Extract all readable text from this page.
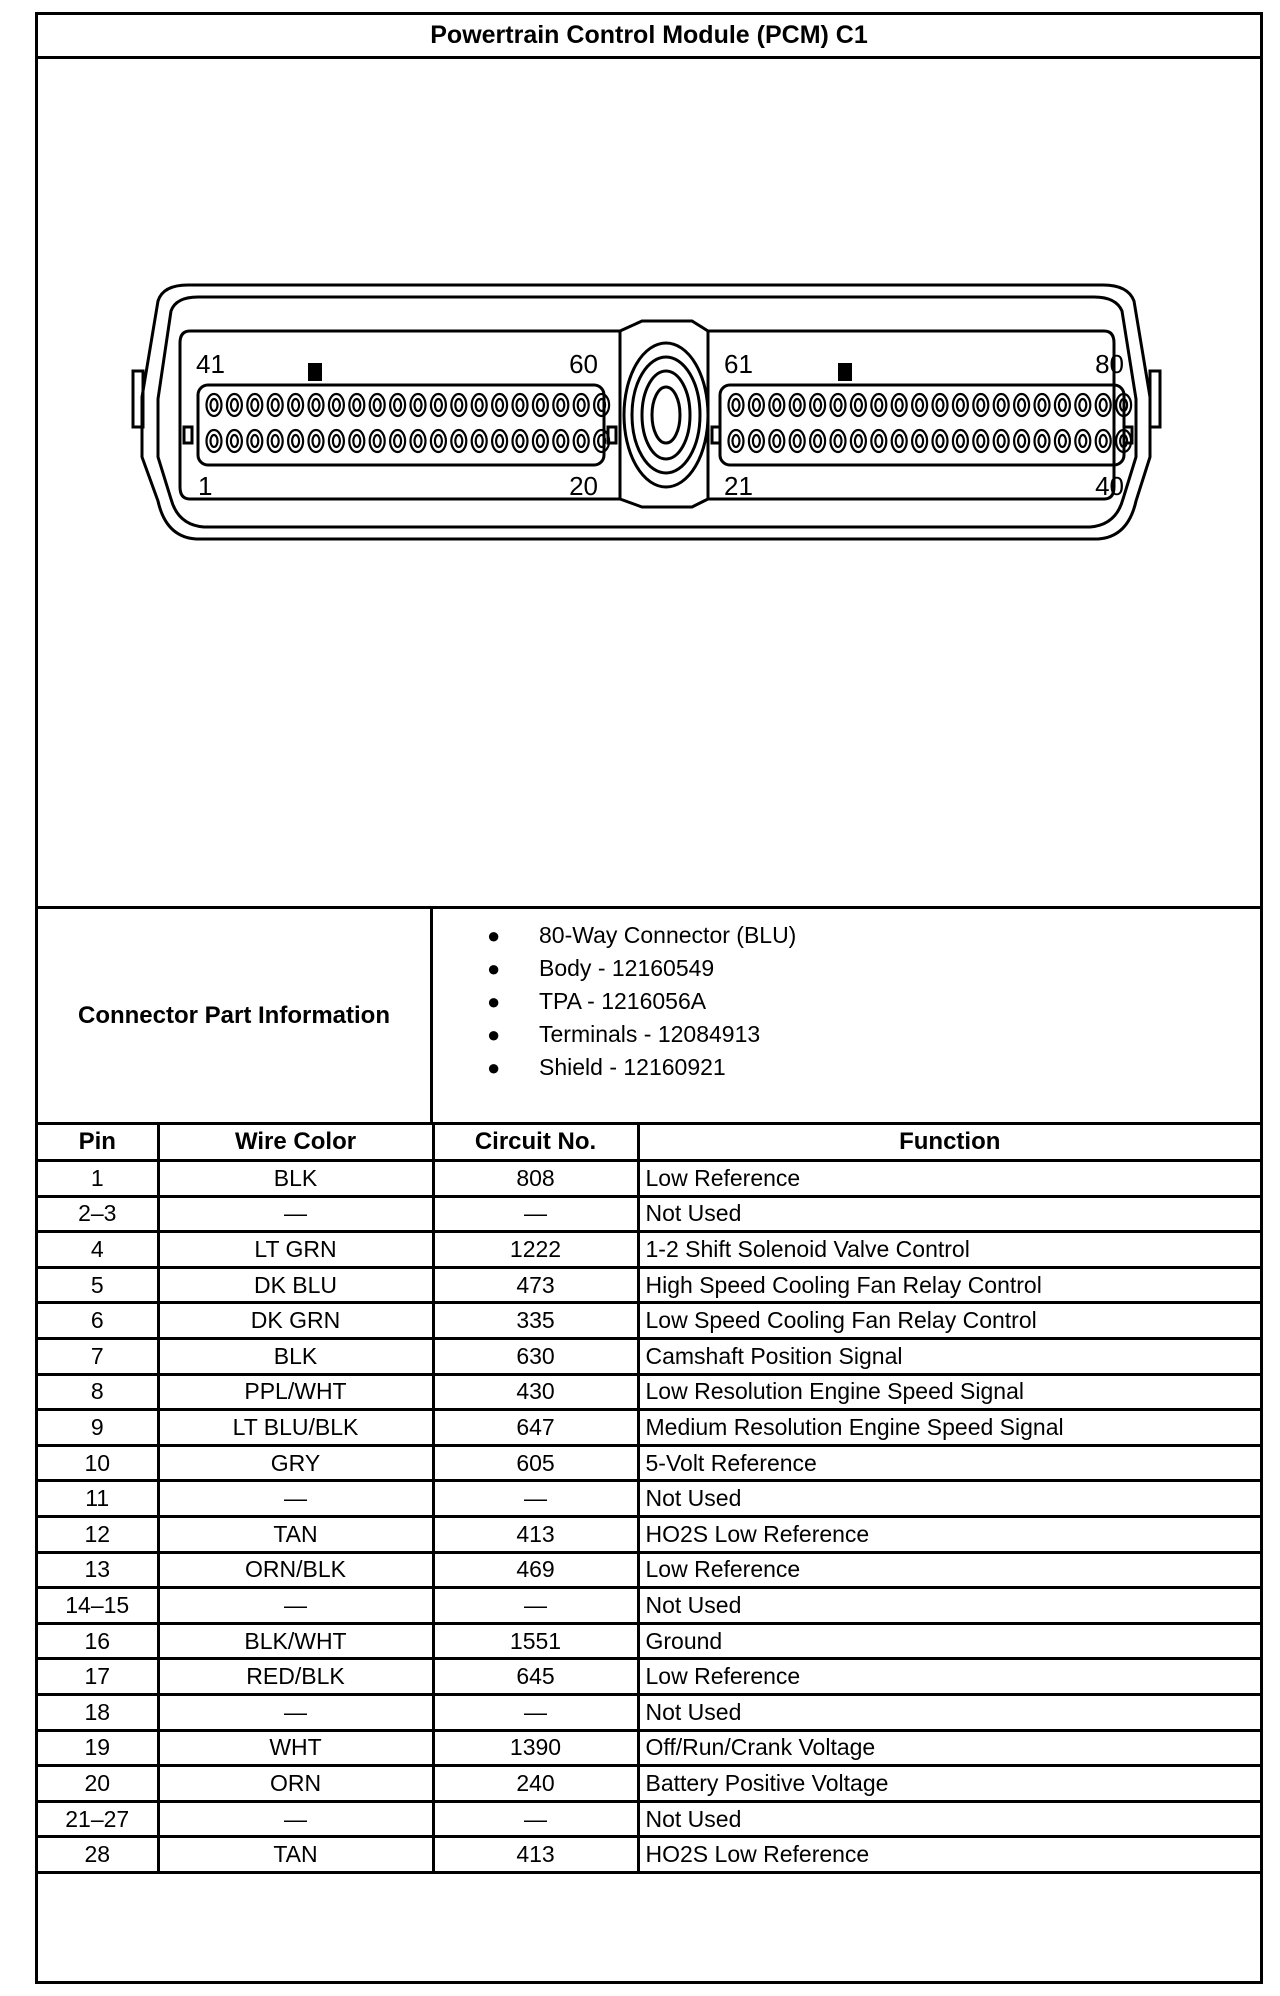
Powertrain Control Module (PCM) C1
41	60
1	20
61	80
21	40
Connector Part Information
● 80-Way Connector (BLU)
● Body - 12160549
● TPA - 1216056A
● Terminals - 12084913
● Shield - 12160921
Pin	Wire Color	Circuit No.	Function
1	BLK	808	Low Reference
2–3	—	—	Not Used
4	LT GRN	1222	1-2 Shift Solenoid Valve Control
5	DK BLU	473	High Speed Cooling Fan Relay Control
6	DK GRN	335	Low Speed Cooling Fan Relay Control
7	BLK	630	Camshaft Position Signal
8	PPL/WHT	430	Low Resolution Engine Speed Signal
9	LT BLU/BLK	647	Medium Resolution Engine Speed Signal
10	GRY	605	5-Volt Reference
11	—	—	Not Used
12	TAN	413	HO2S Low Reference
13	ORN/BLK	469	Low Reference
14–15	—	—	Not Used
16	BLK/WHT	1551	Ground
17	RED/BLK	645	Low Reference
18	—	—	Not Used
19	WHT	1390	Off/Run/Crank Voltage
20	ORN	240	Battery Positive Voltage
21–27	—	—	Not Used
28	TAN	413	HO2S Low Reference
